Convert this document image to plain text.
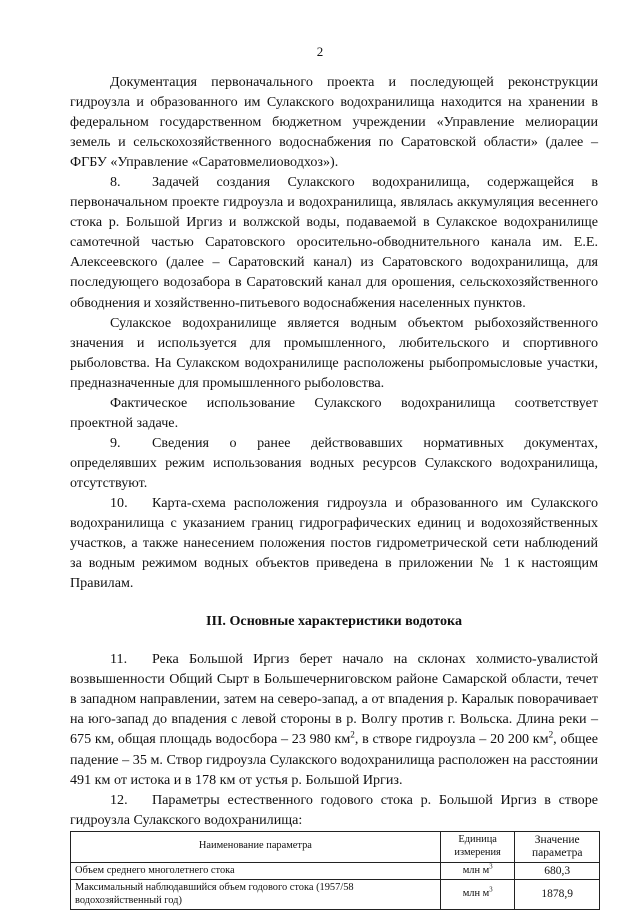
2

Документация первоначального проекта и последующей реконструкции гидроузла и образованного им Сулакского водохранилища находится на хранении в федеральном государственном бюджетном учреждении «Управление мелиорации земель и сельскохозяйственного водоснабжения по Саратовской области» (далее – ФГБУ «Управление «Саратовмелиоводхоз»).

8. Задачей создания Сулакского водохранилища, содержащейся в первоначальном проекте гидроузла и водохранилища, являлась аккумуляция весеннего стока р. Большой Иргиз и волжской воды, подаваемой в Сулакское водохранилище самотечной частью Саратовского оросительно-обводнительного канала им. Е.Е. Алексеевского (далее – Саратовский канал) из Саратовского водохранилища, для последующего водозабора в Саратовский канал для орошения, сельскохозяйственного обводнения и хозяйственно-питьевого водоснабжения населенных пунктов.

Сулакское водохранилище является водным объектом рыбохозяйственного значения и используется для промышленного, любительского и спортивного рыболовства. На Сулакском водохранилище расположены рыбопромысловые участки, предназначенные для промышленного рыболовства.

Фактическое использование Сулакского водохранилища соответствует проектной задаче.

9. Сведения о ранее действовавших нормативных документах, определявших режим использования водных ресурсов Сулакского водохранилища, отсутствуют.

10. Карта-схема расположения гидроузла и образованного им Сулакского водохранилища с указанием границ гидрографических единиц и водохозяйственных участков, а также нанесением положения постов гидрометрической сети наблюдений за водным режимом водных объектов приведена в приложении № 1 к настоящим Правилам.

III. Основные характеристики водотока

11. Река Большой Иргиз берет начало на склонах холмисто-увалистой возвышенности Общий Сырт в Большечерниговском районе Самарской области, течет в западном направлении, затем на северо-запад, а от впадения р. Каралык поворачивает на юго-запад до впадения с левой стороны в р. Волгу против г. Вольска. Длина реки – 675 км, общая площадь водосбора – 23 980 $км^2$, в створе гидроузла – 20 200 $км^2$, общее падение – 35 м. Створ гидроузла Сулакского водохранилища расположен на расстоянии 491 км от истока и в 178 км от устья р. Большой Иргиз.

12. Параметры естественного годового стока р. Большой Иргиз в створе гидроузла Сулакского водохранилища:

Наименование параметра	Единица измерения	Значение параметра
Объем среднего многолетнего стока	млн $м^3$	680,3
Максимальный наблюдавшийся объем годового стока (1957/58 водохозяйственный год)	млн $м^3$	1878,9
